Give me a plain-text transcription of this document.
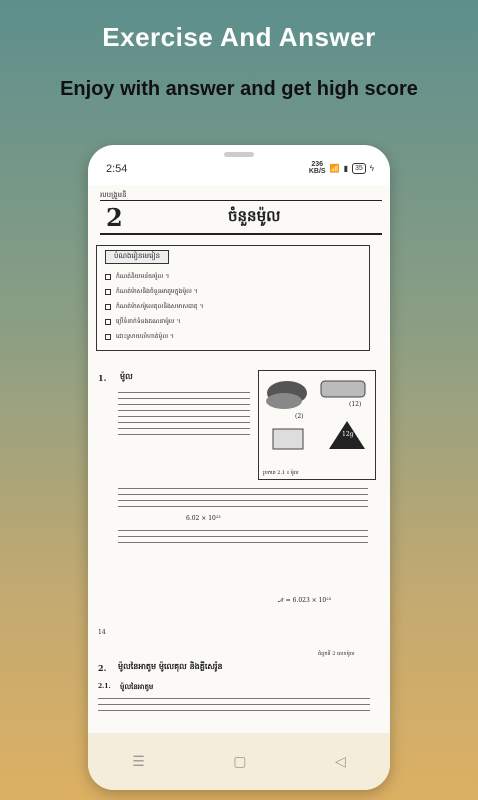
Exercise And Answer
Enjoy with answer and get high score
2:54	236
KB/S 📶 ▮	35 ϟ
របបង្រួមនិ
2	ចំនួនម៉ូល
បំណងរៀនមេរៀន
កំណត់និយមន័យម៉ូល ។
កំណត់ម៉ាសនិងចំនួនអាតូមក្នុងម៉ូល ។
កំណត់ម៉ាសម៉ូលេគុលនិងសមាសធាតុ ។
ប្រើទំនាក់ទំនងគណនាម៉ូល ។
ដោះស្រាយលំហាត់ម៉ូល ។
1. ម៉ូល
(2)
(12)
12g
រូបភាព 2.1 ៖ ម៉ូល
6.02 × 10²³
𝒩 = 6.023 × 10²³
14
ជំពូកទី 2 លេខម៉ូល
2. ម៉ូលនៃអាតូម ម៉ូលេគុល និងគ្លីសេរ៉ូន
2.1. ម៉ូលនៃអាតូម
☰	▢	◁
